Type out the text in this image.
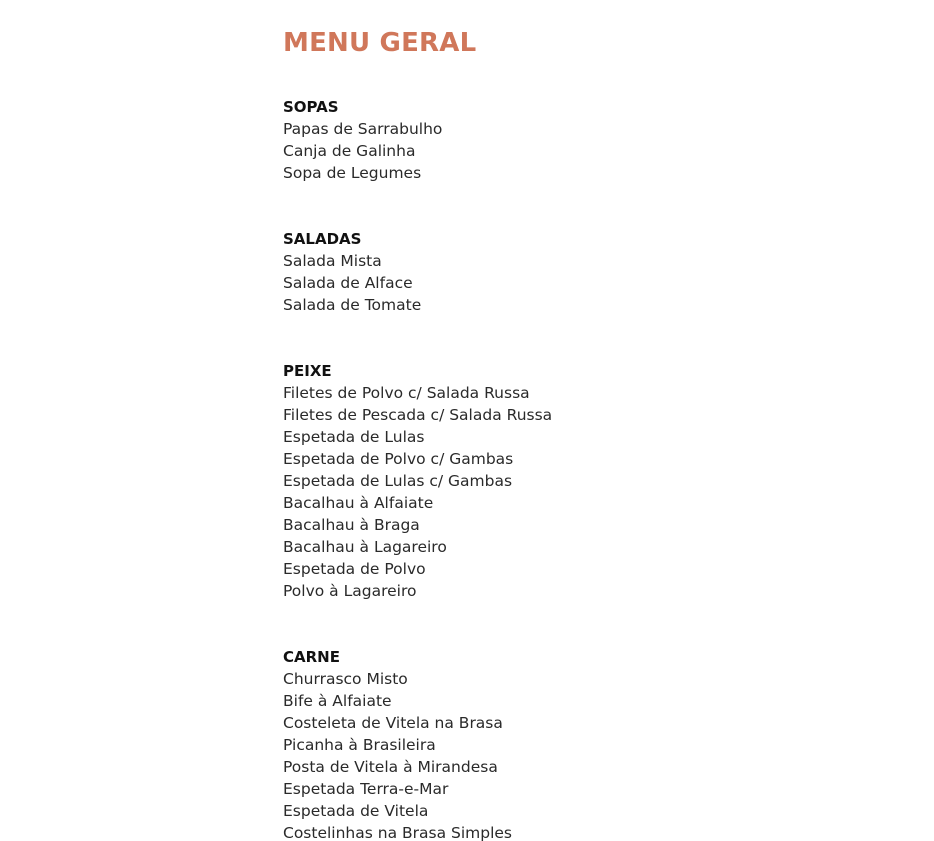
MENU GERAL
SOPAS
Papas de Sarrabulho
Canja de Galinha
Sopa de Legumes
SALADAS
Salada Mista
Salada de Alface
Salada de Tomate
PEIXE
Filetes de Polvo c/ Salada Russa
Filetes de Pescada c/ Salada Russa
Espetada de Lulas
Espetada de Polvo c/ Gambas
Espetada de Lulas c/ Gambas
Bacalhau à Alfaiate
Bacalhau à Braga
Bacalhau à Lagareiro
Espetada de Polvo
Polvo à Lagareiro
CARNE
Churrasco Misto
Bife à Alfaiate
Costeleta de Vitela na Brasa
Picanha à Brasileira
Posta de Vitela à Mirandesa
Espetada Terra-e-Mar
Espetada de Vitela
Costelinhas na Brasa Simples
